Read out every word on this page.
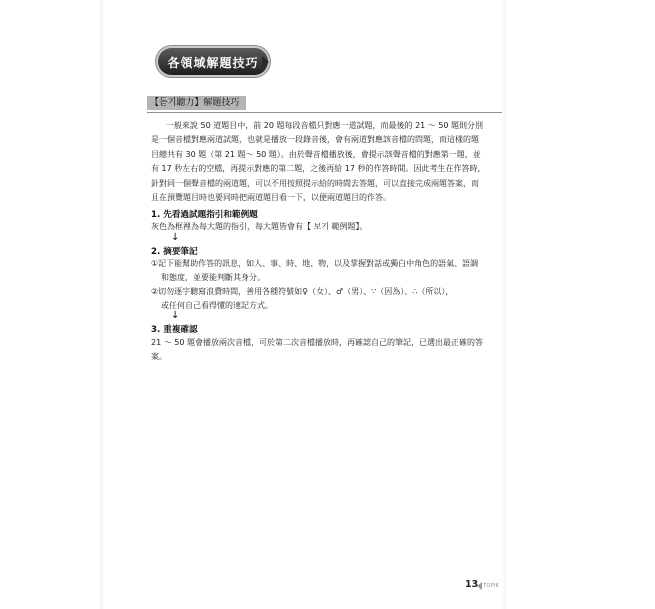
各領域解題技巧
【듣기聽力】解題技巧

一般來說 50 道題目中，前 20 題每段音檔只對應一道試題，而最後的 21 ～ 50 題則分別
是一個音檔對應兩道試題，也就是播放一段錄音後，會有兩道對應該音檔的問題，而這樣的題
目總共有 30 題（第 21 題～ 50 題）。由於聲音檔播放後，會提示該聲音檔的對應第一題，並
有 17 秒左右的空檔，再提示對應的第二題，之後再給 17 秒的作答時間。因此考生在作答時，
針對同一個聲音檔的兩道題，可以不用按照提示給的時間去答題，可以直接完成兩題答案，而
且在預覽題目時也要同時把兩道題目看一下，以便兩道題目的作答。

1. 先看過試題指引和範例題
灰色為框裡為每大題的指引，每大題皆會有【 보기 範例題】。
↓
2. 摘要筆記
①記下能幫助作答的訊息，如人、事、時、地、物，以及掌握對話或獨白中角色的語氣、語調
和態度，並要能判斷其身分。
②切勿逐字聽寫浪費時間，善用各種符號如♀（女）、♂（男）、∵（因為）、∴（所以），
或任何自己看得懂的速記方式。
↓
3. 重複確認
21 ～ 50 題會播放兩次音檔，可於第二次音檔播放時，再確認自己的筆記，已選出最正確的答
案。
13 TOPIK
